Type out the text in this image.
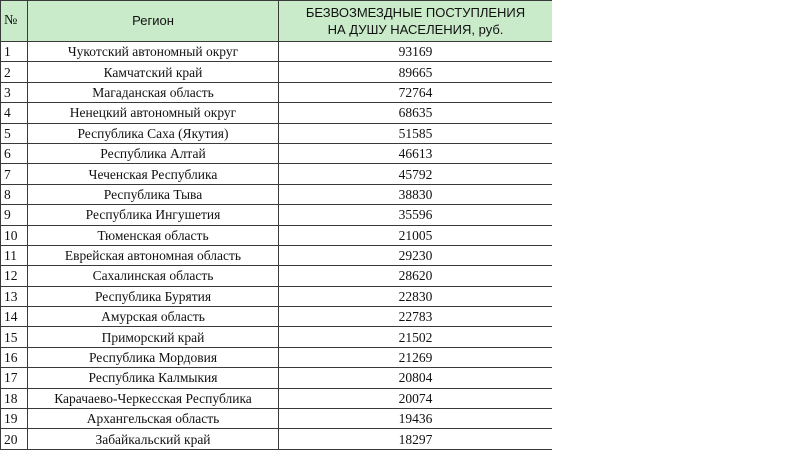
№	Регион	БЕЗВОЗМЕЗДНЫЕ ПОСТУПЛЕНИЯ
НА ДУШУ НАСЕЛЕНИЯ, руб.

1	Чукотский автономный округ	93169
2	Камчатский край	89665
3	Магаданская область	72764
4	Ненецкий автономный округ	68635
5	Республика Саха (Якутия)	51585
6	Республика Алтай	46613
7	Чеченская Республика	45792
8	Республика Тыва	38830
9	Республика Ингушетия	35596
10	Тюменская область	21005
11	Еврейская автономная область	29230
12	Сахалинская область	28620
13	Республика Бурятия	22830
14	Амурская область	22783
15	Приморский край	21502
16	Республика Мордовия	21269
17	Республика Калмыкия	20804
18	Карачаево-Черкесская Республика	20074
19	Архангельская область	19436
20	Забайкальский край	18297
